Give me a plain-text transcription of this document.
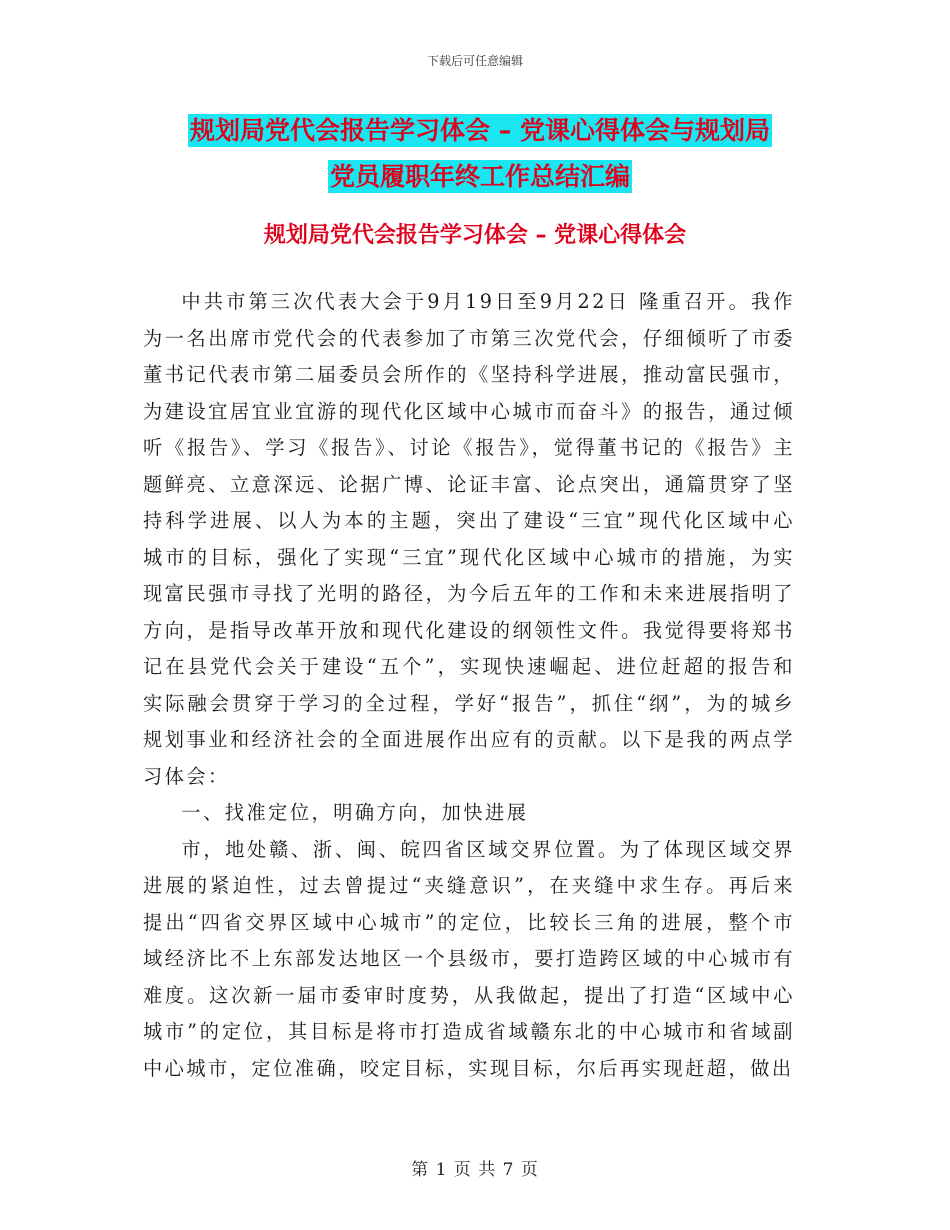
下载后可任意编辑
规划局党代会报告学习体会 – 党课心得体会与规划局
党员履职年终工作总结汇编
规划局党代会报告学习体会 – 党课心得体会

中共市第三次代表大会于9月19日至9月22日 隆重召开。我作为一名出席市党代会的代表参加了市第三次党代会，仔细倾听了市委董书记代表市第二届委员会所作的《坚持科学进展，推动富民强市，为建设宜居宜业宜游的现代化区域中心城市而奋斗》的报告，通过倾听《报告》、学习《报告》、讨论《报告》，觉得董书记的《报告》主题鲜亮、立意深远、论据广博、论证丰富、论点突出，通篇贯穿了坚持科学进展、以人为本的主题，突出了建设“三宜”现代化区域中心城市的目标，强化了实现“三宜”现代化区域中心城市的措施，为实现富民强市寻找了光明的路径，为今后五年的工作和未来进展指明了方向，是指导改革开放和现代化建设的纲领性文件。我觉得要将郑书记在县党代会关于建设“五个”，实现快速崛起、进位赶超的报告和实际融会贯穿于学习的全过程，学好“报告”，抓住“纲”，为的城乡规划事业和经济社会的全面进展作出应有的贡献。以下是我的两点学习体会：

一、找准定位，明确方向，加快进展

市，地处赣、浙、闽、皖四省区域交界位置。为了体现区域交界进展的紧迫性，过去曾提过“夹缝意识”，在夹缝中求生存。再后来提出“四省交界区域中心城市”的定位，比较长三角的进展，整个市域经济比不上东部发达地区一个县级市，要打造跨区域的中心城市有难度。这次新一届市委审时度势，从我做起，提出了打造“区域中心城市”的定位，其目标是将市打造成省域赣东北的中心城市和省域副中心城市，定位准确，咬定目标，实现目标，尔后再实现赶超，做出

第 1 页 共 7 页
